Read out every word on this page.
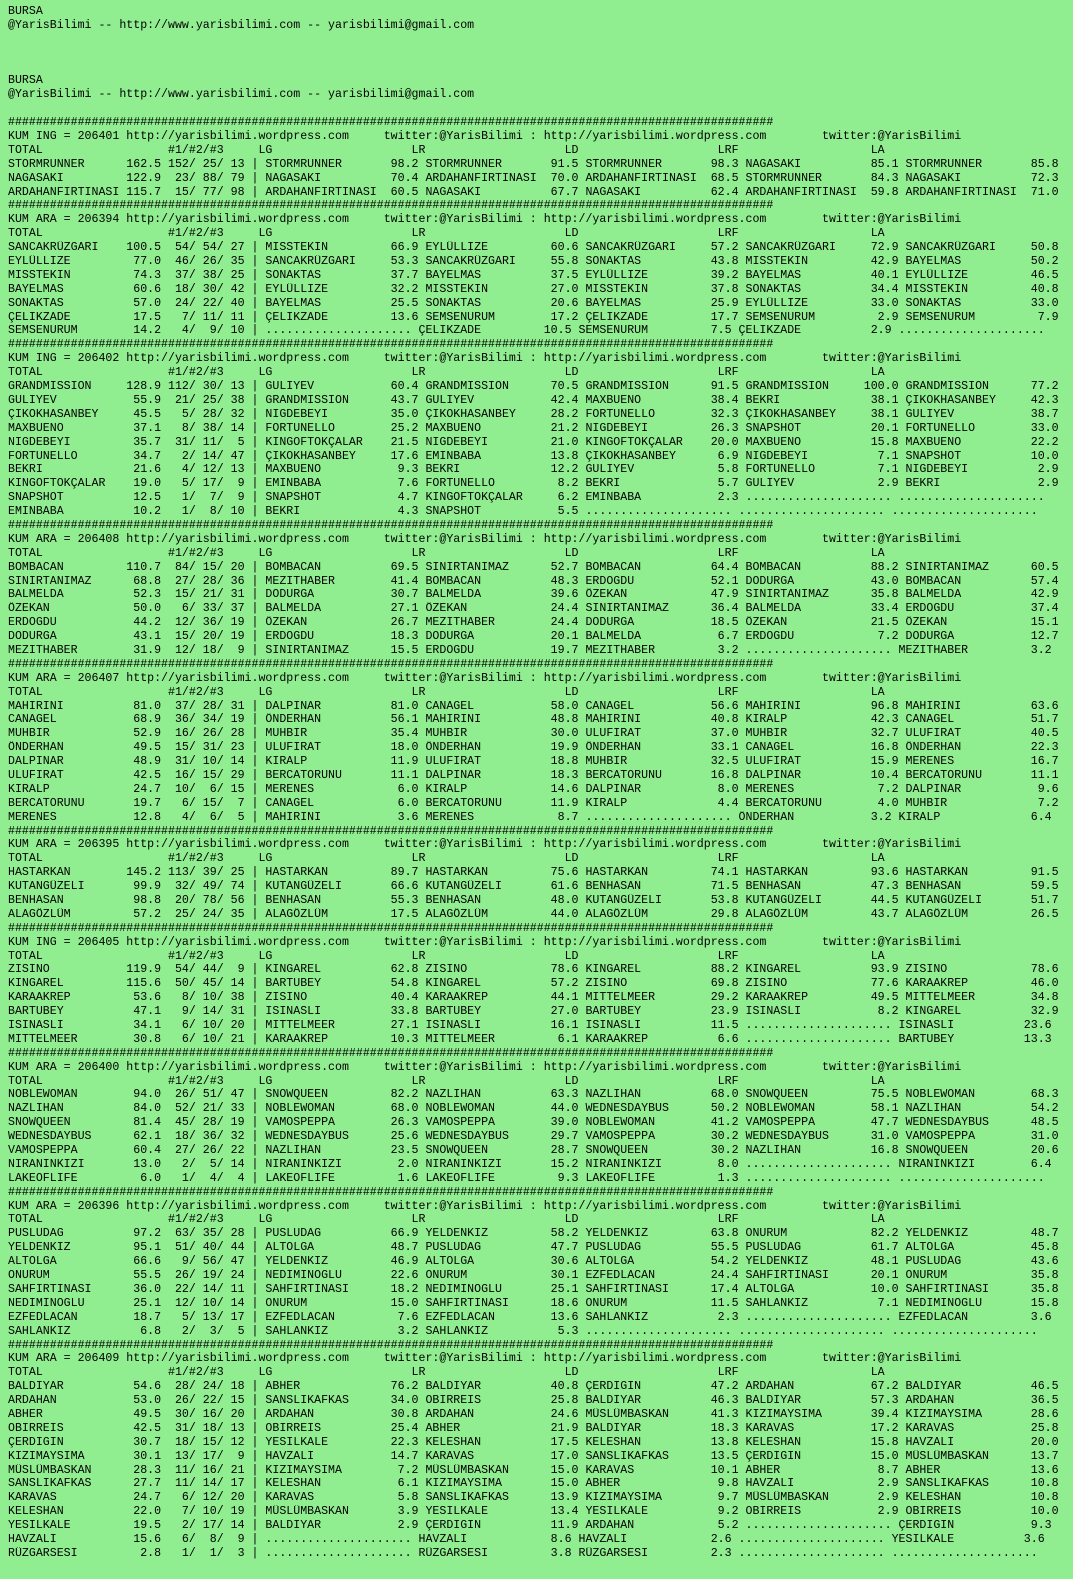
BURSA
@YarisBilimi -- http://www.yarisbilimi.com -- yarisbilimi@gmail.com

BURSA
@YarisBilimi -- http://www.yarisbilimi.com -- yarisbilimi@gmail.com

##############################################################################################################
KUM ING = 206401 http://yarisbilimi.wordpress.com     twitter:@YarisBilimi : http://yarisbilimi.wordpress.com        twitter:@YarisBilimi
TOTAL                  #1/#2/#3     LG                    LR                    LD                    LRF                   LA
STORMRUNNER      162.5 152/ 25/ 13 | STORMRUNNER       98.2 STORMRUNNER       91.5 STORMRUNNER       98.3 NAGASAKI          85.1 STORMRUNNER       85.8
NAGASAKI         122.9  23/ 88/ 79 | NAGASAKI          70.4 ARDAHANFIRTINASI  70.0 ARDAHANFIRTINASI  68.5 STORMRUNNER       84.3 NAGASAKI          72.3
ARDAHANFIRTINASI 115.7  15/ 77/ 98 | ARDAHANFIRTINASI  60.5 NAGASAKI          67.7 NAGASAKI          62.4 ARDAHANFIRTINASI  59.8 ARDAHANFIRTINASI  71.0
##############################################################################################################
KUM ARA = 206394 http://yarisbilimi.wordpress.com     twitter:@YarisBilimi : http://yarisbilimi.wordpress.com        twitter:@YarisBilimi
TOTAL                  #1/#2/#3     LG                    LR                    LD                    LRF                   LA
SANCAKRÜZGARI    100.5  54/ 54/ 27 | MISSTEKIN         66.9 EYLÜLLIZE         60.6 SANCAKRÜZGARI     57.2 SANCAKRÜZGARI     72.9 SANCAKRÜZGARI     50.8
EYLÜLLIZE         77.0  46/ 26/ 35 | SANCAKRÜZGARI     53.3 SANCAKRÜZGARI     55.8 SONAKTAS          43.8 MISSTEKIN         42.9 BAYELMAS          50.2
MISSTEKIN         74.3  37/ 38/ 25 | SONAKTAS          37.7 BAYELMAS          37.5 EYLÜLLIZE         39.2 BAYELMAS          40.1 EYLÜLLIZE         46.5
BAYELMAS          60.6  18/ 30/ 42 | EYLÜLLIZE         32.2 MISSTEKIN         27.0 MISSTEKIN         37.8 SONAKTAS          34.4 MISSTEKIN         40.8
SONAKTAS          57.0  24/ 22/ 40 | BAYELMAS          25.5 SONAKTAS          20.6 BAYELMAS          25.9 EYLÜLLIZE         33.0 SONAKTAS          33.0
ÇELIKZADE         17.5   7/ 11/ 11 | ÇELIKZADE         13.6 SEMSENURUM        17.2 ÇELIKZADE         17.7 SEMSENURUM         2.9 SEMSENURUM         7.9
SEMSENURUM        14.2   4/  9/ 10 | ..................... ÇELIKZADE         10.5 SEMSENURUM         7.5 ÇELIKZADE          2.9 .....................
##############################################################################################################
KUM ING = 206402 http://yarisbilimi.wordpress.com     twitter:@YarisBilimi : http://yarisbilimi.wordpress.com        twitter:@YarisBilimi
TOTAL                  #1/#2/#3     LG                    LR                    LD                    LRF                   LA
GRANDMISSION     128.9 112/ 30/ 13 | GULIYEV           60.4 GRANDMISSION      70.5 GRANDMISSION      91.5 GRANDMISSION     100.0 GRANDMISSION      77.2
GULIYEV           55.9  21/ 25/ 38 | GRANDMISSION      43.7 GULIYEV           42.4 MAXBUENO          38.4 BEKRI             38.1 ÇIKOKHASANBEY     42.3
ÇIKOKHASANBEY     45.5   5/ 28/ 32 | NIGDEBEYI         35.0 ÇIKOKHASANBEY     28.2 FORTUNELLO        32.3 ÇIKOKHASANBEY     38.1 GULIYEV           38.7
MAXBUENO          37.1   8/ 38/ 14 | FORTUNELLO        25.2 MAXBUENO          21.2 NIGDEBEYI         26.3 SNAPSHOT          20.1 FORTUNELLO        33.0
NIGDEBEYI         35.7  31/ 11/  5 | KINGOFTOKÇALAR    21.5 NIGDEBEYI         21.0 KINGOFTOKÇALAR    20.0 MAXBUENO          15.8 MAXBUENO          22.2
FORTUNELLO        34.7   2/ 14/ 47 | ÇIKOKHASANBEY     17.6 EMINBABA          13.8 ÇIKOKHASANBEY      6.9 NIGDEBEYI          7.1 SNAPSHOT          10.0
BEKRI             21.6   4/ 12/ 13 | MAXBUENO           9.3 BEKRI             12.2 GULIYEV            5.8 FORTUNELLO         7.1 NIGDEBEYI          2.9
KINGOFTOKÇALAR    19.0   5/ 17/  9 | EMINBABA           7.6 FORTUNELLO         8.2 BEKRI              5.7 GULIYEV            2.9 BEKRI              2.9
SNAPSHOT          12.5   1/  7/  9 | SNAPSHOT           4.7 KINGOFTOKÇALAR     6.2 EMINBABA           2.3 ..................... .....................
EMINBABA          10.2   1/  8/ 10 | BEKRI              4.3 SNAPSHOT           5.5 ..................... ..................... .....................
##############################################################################################################
KUM ARA = 206408 http://yarisbilimi.wordpress.com     twitter:@YarisBilimi : http://yarisbilimi.wordpress.com        twitter:@YarisBilimi
TOTAL                  #1/#2/#3     LG                    LR                    LD                    LRF                   LA
BOMBACAN         110.7  84/ 15/ 20 | BOMBACAN          69.5 SINIRTANIMAZ      52.7 BOMBACAN          64.4 BOMBACAN          88.2 SINIRTANIMAZ      60.5
SINIRTANIMAZ      68.8  27/ 28/ 36 | MEZITHABER        41.4 BOMBACAN          48.3 ERDOGDU           52.1 DODURGA           43.0 BOMBACAN          57.4
BALMELDA          52.3  15/ 21/ 31 | DODURGA           30.7 BALMELDA          39.6 ÖZEKAN            47.9 SINIRTANIMAZ      35.8 BALMELDA          42.9
ÖZEKAN            50.0   6/ 33/ 37 | BALMELDA          27.1 ÖZEKAN            24.4 SINIRTANIMAZ      36.4 BALMELDA          33.4 ERDOGDU           37.4
ERDOGDU           44.2  12/ 36/ 19 | ÖZEKAN            26.7 MEZITHABER        24.4 DODURGA           18.5 ÖZEKAN            21.5 ÖZEKAN            15.1
DODURGA           43.1  15/ 20/ 19 | ERDOGDU           18.3 DODURGA           20.1 BALMELDA           6.7 ERDOGDU            7.2 DODURGA           12.7
MEZITHABER        31.9  12/ 18/  9 | SINIRTANIMAZ      15.5 ERDOGDU           19.7 MEZITHABER         3.2 ..................... MEZITHABER         3.2
##############################################################################################################
KUM ARA = 206407 http://yarisbilimi.wordpress.com     twitter:@YarisBilimi : http://yarisbilimi.wordpress.com        twitter:@YarisBilimi
TOTAL                  #1/#2/#3     LG                    LR                    LD                    LRF                   LA
MAHIRINI          81.0  37/ 28/ 31 | DALPINAR          81.0 CANAGEL           58.0 CANAGEL           56.6 MAHIRINI          96.8 MAHIRINI          63.6
CANAGEL           68.9  36/ 34/ 19 | ÖNDERHAN          56.1 MAHIRINI          48.8 MAHIRINI          40.8 KIRALP            42.3 CANAGEL           51.7
MUHBIR            52.9  16/ 26/ 28 | MUHBIR            35.4 MUHBIR            30.0 ULUFIRAT          37.0 MUHBIR            32.7 ULUFIRAT          40.5
ÖNDERHAN          49.5  15/ 31/ 23 | ULUFIRAT          18.0 ÖNDERHAN          19.9 ÖNDERHAN          33.1 CANAGEL           16.8 ÖNDERHAN          22.3
DALPINAR          48.9  31/ 10/ 14 | KIRALP            11.9 ULUFIRAT          18.8 MUHBIR            32.5 ULUFIRAT          15.9 MERENES           16.7
ULUFIRAT          42.5  16/ 15/ 29 | BERCATORUNU       11.1 DALPINAR          18.3 BERCATORUNU       16.8 DALPINAR          10.4 BERCATORUNU       11.1
KIRALP            24.7  10/  6/ 15 | MERENES            6.0 KIRALP            14.6 DALPINAR           8.0 MERENES            7.2 DALPINAR           9.6
BERCATORUNU       19.7   6/ 15/  7 | CANAGEL            6.0 BERCATORUNU       11.9 KIRALP             4.4 BERCATORUNU        4.0 MUHBIR             7.2
MERENES           12.8   4/  6/  5 | MAHIRINI           3.6 MERENES            8.7 ..................... ÖNDERHAN           3.2 KIRALP             6.4
##############################################################################################################
KUM ARA = 206395 http://yarisbilimi.wordpress.com     twitter:@YarisBilimi : http://yarisbilimi.wordpress.com        twitter:@YarisBilimi
TOTAL                  #1/#2/#3     LG                    LR                    LD                    LRF                   LA
HASTARKAN        145.2 113/ 39/ 25 | HASTARKAN         89.7 HASTARKAN         75.6 HASTARKAN         74.1 HASTARKAN         93.6 HASTARKAN         91.5
KUTANGÜZELI       99.9  32/ 49/ 74 | KUTANGÜZELI       66.6 KUTANGÜZELI       61.6 BENHASAN          71.5 BENHASAN          47.3 BENHASAN          59.5
BENHASAN          98.8  20/ 78/ 56 | BENHASAN          55.3 BENHASAN          48.0 KUTANGÜZELI       53.8 KUTANGÜZELI       44.5 KUTANGÜZELI       51.7
ALAGÖZLÜM         57.2  25/ 24/ 35 | ALAGÖZLÜM         17.5 ALAGÖZLÜM         44.0 ALAGÖZLÜM         29.8 ALAGÖZLÜM         43.7 ALAGÖZLÜM         26.5
##############################################################################################################
KUM ING = 206405 http://yarisbilimi.wordpress.com     twitter:@YarisBilimi : http://yarisbilimi.wordpress.com        twitter:@YarisBilimi
TOTAL                  #1/#2/#3     LG                    LR                    LD                    LRF                   LA
ZISINO           119.9  54/ 44/  9 | KINGAREL          62.8 ZISINO            78.6 KINGAREL          88.2 KINGAREL          93.9 ZISINO            78.6
KINGAREL         115.6  50/ 45/ 14 | BARTUBEY          54.8 KINGAREL          57.2 ZISINO            69.8 ZISINO            77.6 KARAAKREP         46.0
KARAAKREP         53.6   8/ 10/ 38 | ZISINO            40.4 KARAAKREP         44.1 MITTELMEER        29.2 KARAAKREP         49.5 MITTELMEER        34.8
BARTUBEY          47.1   9/ 14/ 31 | ISINASLI          33.8 BARTUBEY          27.0 BARTUBEY          23.9 ISINASLI           8.2 KINGAREL          32.9
ISINASLI          34.1   6/ 10/ 20 | MITTELMEER        27.1 ISINASLI          16.1 ISINASLI          11.5 ..................... ISINASLI          23.6
MITTELMEER        30.8   6/ 10/ 21 | KARAAKREP         10.3 MITTELMEER         6.1 KARAAKREP          6.6 ..................... BARTUBEY          13.3
##############################################################################################################
KUM ARA = 206400 http://yarisbilimi.wordpress.com     twitter:@YarisBilimi : http://yarisbilimi.wordpress.com        twitter:@YarisBilimi
TOTAL                  #1/#2/#3     LG                    LR                    LD                    LRF                   LA
NOBLEWOMAN        94.0  26/ 51/ 47 | SNOWQUEEN         82.2 NAZLIHAN          63.3 NAZLIHAN          68.0 SNOWQUEEN         75.5 NOBLEWOMAN        68.3
NAZLIHAN          84.0  52/ 21/ 33 | NOBLEWOMAN        68.0 NOBLEWOMAN        44.0 WEDNESDAYBUS      50.2 NOBLEWOMAN        58.1 NAZLIHAN          54.2
SNOWQUEEN         81.4  45/ 28/ 19 | VAMOSPEPPA        26.3 VAMOSPEPPA        39.0 NOBLEWOMAN        41.2 VAMOSPEPPA        47.7 WEDNESDAYBUS      48.5
WEDNESDAYBUS      62.1  18/ 36/ 32 | WEDNESDAYBUS      25.6 WEDNESDAYBUS      29.7 VAMOSPEPPA        30.2 WEDNESDAYBUS      31.0 VAMOSPEPPA        31.0
VAMOSPEPPA        60.4  27/ 26/ 22 | NAZLIHAN          23.5 SNOWQUEEN         28.7 SNOWQUEEN         30.2 NAZLIHAN          16.8 SNOWQUEEN         20.6
NIRANINKIZI       13.0   2/  5/ 14 | NIRANINKIZI        2.0 NIRANINKIZI       15.2 NIRANINKIZI        8.0 ..................... NIRANINKIZI        6.4
LAKEOFLIFE         6.0   1/  4/  4 | LAKEOFLIFE         1.6 LAKEOFLIFE         9.3 LAKEOFLIFE         1.3 ..................... .....................
##############################################################################################################
KUM ARA = 206396 http://yarisbilimi.wordpress.com     twitter:@YarisBilimi : http://yarisbilimi.wordpress.com        twitter:@YarisBilimi
TOTAL                  #1/#2/#3     LG                    LR                    LD                    LRF                   LA
PUSLUDAG          97.2  63/ 35/ 28 | PUSLUDAG          66.9 YELDENKIZ         58.2 YELDENKIZ         63.8 ONURUM            82.2 YELDENKIZ         48.7
YELDENKIZ         95.1  51/ 40/ 44 | ALTOLGA           48.7 PUSLUDAG          47.7 PUSLUDAG          55.5 PUSLUDAG          61.7 ALTOLGA           45.8
ALTOLGA           66.6   9/ 56/ 47 | YELDENKIZ         46.9 ALTOLGA           30.6 ALTOLGA           54.2 YELDENKIZ         48.1 PUSLUDAG          43.6
ONURUM            55.5  26/ 19/ 24 | NEDIMINOGLU       22.6 ONURUM            30.1 EZFEDLACAN        24.4 SAHFIRTINASI      20.1 ONURUM            35.8
SAHFIRTINASI      36.0  22/ 14/ 11 | SAHFIRTINASI      18.2 NEDIMINOGLU       25.1 SAHFIRTINASI      17.4 ALTOLGA           10.0 SAHFIRTINASI      35.8
NEDIMINOGLU       25.1  12/ 10/ 14 | ONURUM            15.0 SAHFIRTINASI      18.6 ONURUM            11.5 SAHLANKIZ          7.1 NEDIMINOGLU       15.8
EZFEDLACAN        18.7   5/ 13/ 17 | EZFEDLACAN         7.6 EZFEDLACAN        13.6 SAHLANKIZ          2.3 ..................... EZFEDLACAN         3.6
SAHLANKIZ          6.8   2/  3/  5 | SAHLANKIZ          3.2 SAHLANKIZ          5.3 ..................... ..................... .....................
##############################################################################################################
KUM ARA = 206409 http://yarisbilimi.wordpress.com     twitter:@YarisBilimi : http://yarisbilimi.wordpress.com        twitter:@YarisBilimi
TOTAL                  #1/#2/#3     LG                    LR                    LD                    LRF                   LA
BALDIYAR          54.6  28/ 24/ 18 | ABHER             76.2 BALDIYAR          40.8 ÇERDIGIN          47.2 ARDAHAN           67.2 BALDIYAR          46.5
ARDAHAN           53.0  26/ 22/ 15 | SANSLIKAFKAS      34.0 OBIRREIS          25.8 BALDIYAR          46.3 BALDIYAR          57.3 ARDAHAN           36.5
ABHER             49.5  30/ 16/ 20 | ARDAHAN           30.8 ARDAHAN           24.6 MÜSLÜMBASKAN      41.3 KIZIMAYSIMA       39.4 KIZIMAYSIMA       28.6
OBIRREIS          42.5  31/ 18/ 13 | OBIRREIS          25.4 ABHER             21.9 BALDIYAR          18.3 KARAVAS           17.2 KARAVAS           25.8
ÇERDIGIN          30.7  18/ 15/ 12 | YESILKALE         22.3 KELESHAN          17.5 KELESHAN          13.8 KELESHAN          15.8 HAVZALI           20.0
KIZIMAYSIMA       30.1  13/ 17/  9 | HAVZALI           14.7 KARAVAS           17.0 SANSLIKAFKAS      13.5 ÇERDIGIN          15.0 MÜSLÜMBASKAN      13.7
MÜSLÜMBASKAN      28.3  11/ 16/ 21 | KIZIMAYSIMA        7.2 MÜSLÜMBASKAN      15.0 KARAVAS           10.1 ABHER              8.7 ABHER             13.6
SANSLIKAFKAS      27.7  11/ 14/ 17 | KELESHAN           6.1 KIZIMAYSIMA       15.0 ABHER              9.8 HAVZALI            2.9 SANSLIKAFKAS      10.8
KARAVAS           24.7   6/ 12/ 20 | KARAVAS            5.8 SANSLIKAFKAS      13.9 KIZIMAYSIMA        9.7 MÜSLÜMBASKAN       2.9 KELESHAN          10.8
KELESHAN          22.0   7/ 10/ 19 | MÜSLÜMBASKAN       3.9 YESILKALE         13.4 YESILKALE          9.2 OBIRREIS           2.9 OBIRREIS          10.0
YESILKALE         19.5   2/ 17/ 14 | BALDIYAR           2.9 ÇERDIGIN          11.9 ARDAHAN            5.2 ..................... ÇERDIGIN           9.3
HAVZALI           15.6   6/  8/  9 | ..................... HAVZALI            8.6 HAVZALI            2.6 ..................... YESILKALE          3.6
RÜZGARSESI         2.8   1/  1/  3 | ..................... RÜZGARSESI         3.8 RÜZGARSESI         2.3 ..................... .....................
